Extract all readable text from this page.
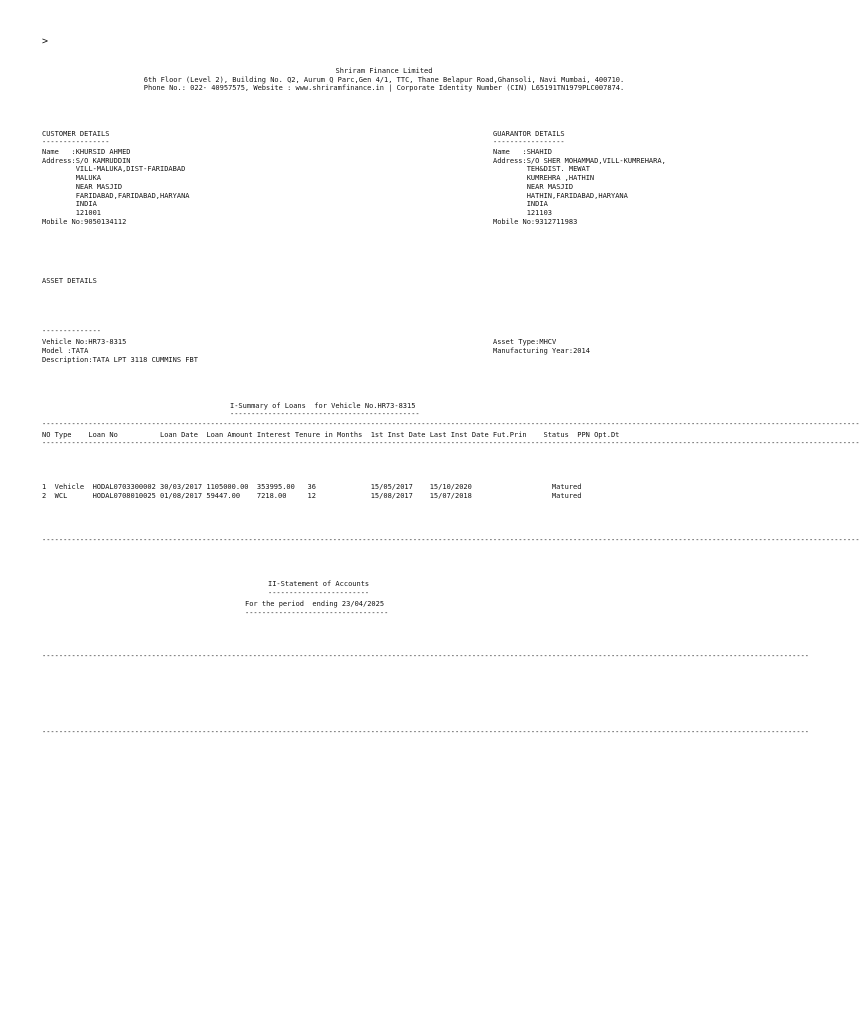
>
Shriram Finance Limited
6th Floor (Level 2), Building No. Q2, Aurum Q Parc,Gen 4/1, TTC, Thane Belapur Road,Ghansoli, Navi Mumbai, 400710.
Phone No.: 022- 40957575, Website : www.shriramfinance.in | Corporate Identity Number (CIN) L65191TN1979PLC007874.
CUSTOMER DETAILS
----------------
Name   :KHURSID AHMED
Address:S/O KAMRUDDIN
VILL-MALUKA,DIST-FARIDABAD
MALUKA
NEAR MASJID
FARIDABAD,FARIDABAD,HARYANA
INDIA
121001
Mobile No:9050134112
GUARANTOR DETAILS
-----------------
Name   :SHAHID
Address:S/O SHER MOHAMMAD,VILL-KUMREHARA,
TEH&DIST. MEWAT
KUMREHRA ,HATHIN
NEAR MASJID
HATHIN,FARIDABAD,HARYANA
INDIA
121103
Mobile No:9312711983
ASSET DETAILS
--------------
Vehicle No:HR73-8315
Model :TATA
Description:TATA LPT 3118 CUMMINS FBT
Asset Type:MHCV
Manufacturing Year:2014
I-Summary of Loans  for Vehicle No.HR73-8315
---------------------------------------------
--------------------------------------------------------------------------------------------------------------------------------------------------------------------------------------------------
NO Type    Loan No          Loan Date  Loan Amount Interest Tenure in Months  1st Inst Date Last Inst Date Fut.Prin    Status  PPN Opt.Dt
--------------------------------------------------------------------------------------------------------------------------------------------------------------------------------------------------
1  Vehicle  HODAL0703300002 30/03/2017 1105000.00  353995.00   36             15/05/2017    15/10/2020                   Matured
2  WCL      HODAL0708010025 01/08/2017 59447.00    7218.00     12             15/08/2017    15/07/2018                   Matured
--------------------------------------------------------------------------------------------------------------------------------------------------------------------------------------------------
II-Statement of Accounts
------------------------
For the period  ending 23/04/2025
----------------------------------
--------------------------------------------------------------------------------------------------------------------------------------------------------------------------------------
--------------------------------------------------------------------------------------------------------------------------------------------------------------------------------------
